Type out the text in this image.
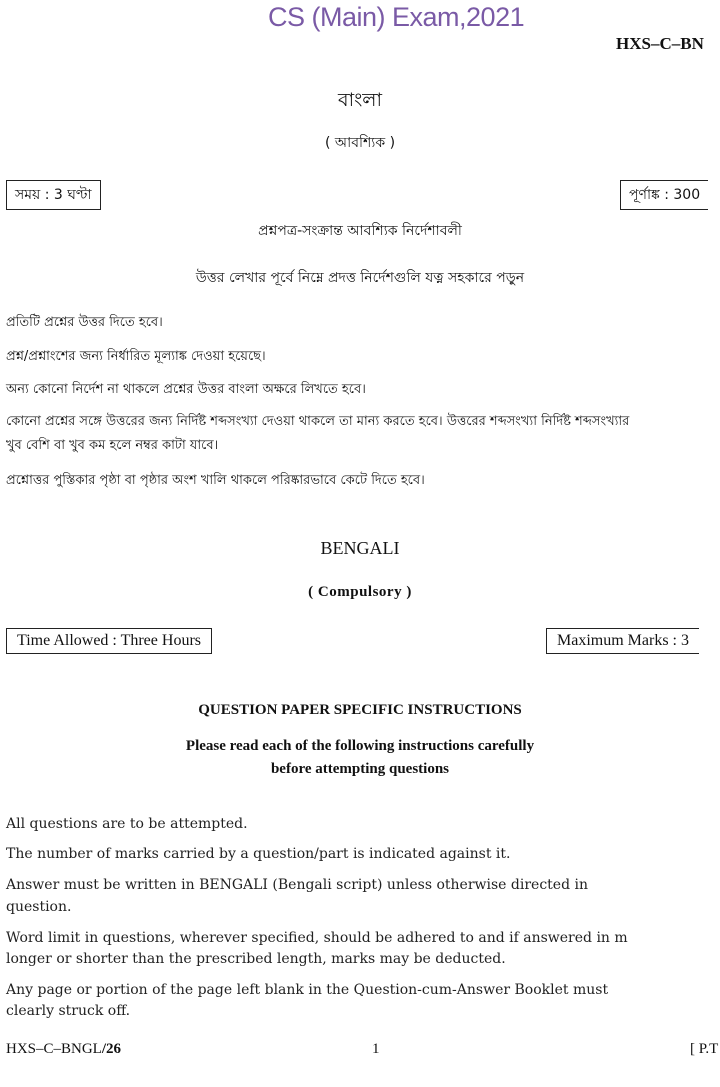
CS (Main) Exam,2021
HXS–C–BN
বাংলা
( আবশ্যিক )
সময় : 3 ঘণ্টা	পূর্ণাঙ্ক : 300
প্রশ্নপত্র-সংক্রান্ত আবশ্যিক নির্দেশাবলী
উত্তর লেখার পূর্বে নিম্নে প্রদত্ত নির্দেশগুলি যত্ন সহকারে পড়ুন
প্রতিটি প্রশ্নের উত্তর দিতে হবে।
প্রশ্ন/প্রশ্নাংশের জন্য নির্ধারিত মূল্যাঙ্ক দেওয়া হয়েছে।
অন্য কোনো নির্দেশ না থাকলে প্রশ্নের উত্তর বাংলা অক্ষরে লিখতে হবে।
কোনো প্রশ্নের সঙ্গে উত্তরের জন্য নির্দিষ্ট শব্দসংখ্যা দেওয়া থাকলে তা মান্য করতে হবে। উত্তরের শব্দসংখ্যা নির্দিষ্ট শব্দসংখ্যার
খুব বেশি বা খুব কম হলে নম্বর কাটা যাবে।
প্রশ্নোত্তর পুস্তিকার পৃষ্ঠা বা পৃষ্ঠার অংশ খালি থাকলে পরিষ্কারভাবে কেটে দিতে হবে।
BENGALI
( Compulsory )
Time Allowed : Three Hours	Maximum Marks : 3
QUESTION PAPER SPECIFIC INSTRUCTIONS
Please read each of the following instructions carefully
before attempting questions
All questions are to be attempted.
The number of marks carried by a question/part is indicated against it.
Answer must be written in BENGALI (Bengali script) unless otherwise directed in
question.
Word limit in questions, wherever specified, should be adhered to and if answered in m
longer or shorter than the prescribed length, marks may be deducted.
Any page or portion of the page left blank in the Question-cum-Answer Booklet must
clearly struck off.
HXS–C–BNGL/26	1	[ P.T
